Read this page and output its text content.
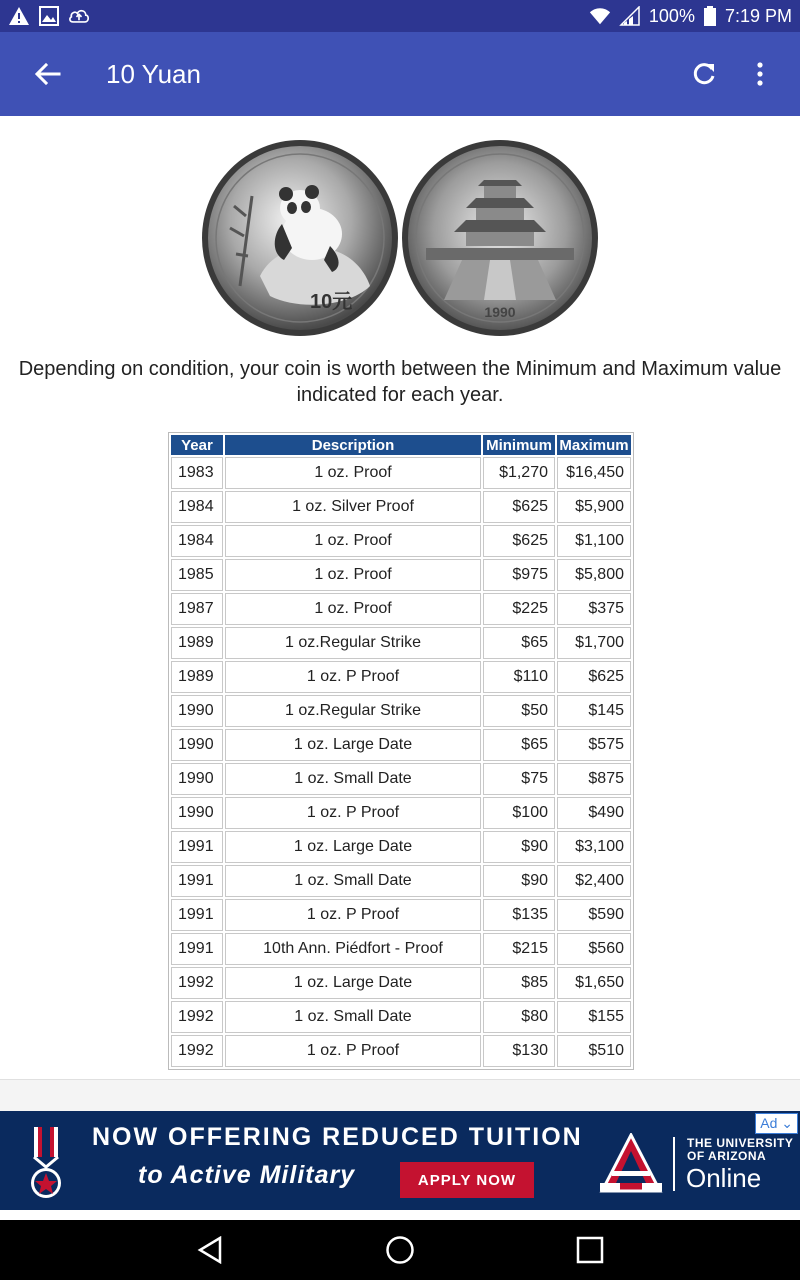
100% 7:19 PM
10 Yuan
10元	1990
Depending on condition, your coin is worth between the Minimum and Maximum value indicated for each year.
Year	Description	Minimum	Maximum
1983	1 oz. Proof	$1,270	$16,450
1984	1 oz. Silver Proof	$625	$5,900
1984	1 oz. Proof	$625	$1,100
1985	1 oz. Proof	$975	$5,800
1987	1 oz. Proof	$225	$375
1989	1 oz.Regular Strike	$65	$1,700
1989	1 oz. P Proof	$110	$625
1990	1 oz.Regular Strike	$50	$145
1990	1 oz. Large Date	$65	$575
1990	1 oz. Small Date	$75	$875
1990	1 oz. P Proof	$100	$490
1991	1 oz. Large Date	$90	$3,100
1991	1 oz. Small Date	$90	$2,400
1991	1 oz. P Proof	$135	$590
1991	10th Ann. Piédfort - Proof	$215	$560
1992	1 oz. Large Date	$85	$1,650
1992	1 oz. Small Date	$80	$155
1992	1 oz. P Proof	$130	$510
Ad ⌄
NOW OFFERING REDUCED TUITION
to Active Military	APPLY NOW
THE UNIVERSITY
OF ARIZONA
Online
